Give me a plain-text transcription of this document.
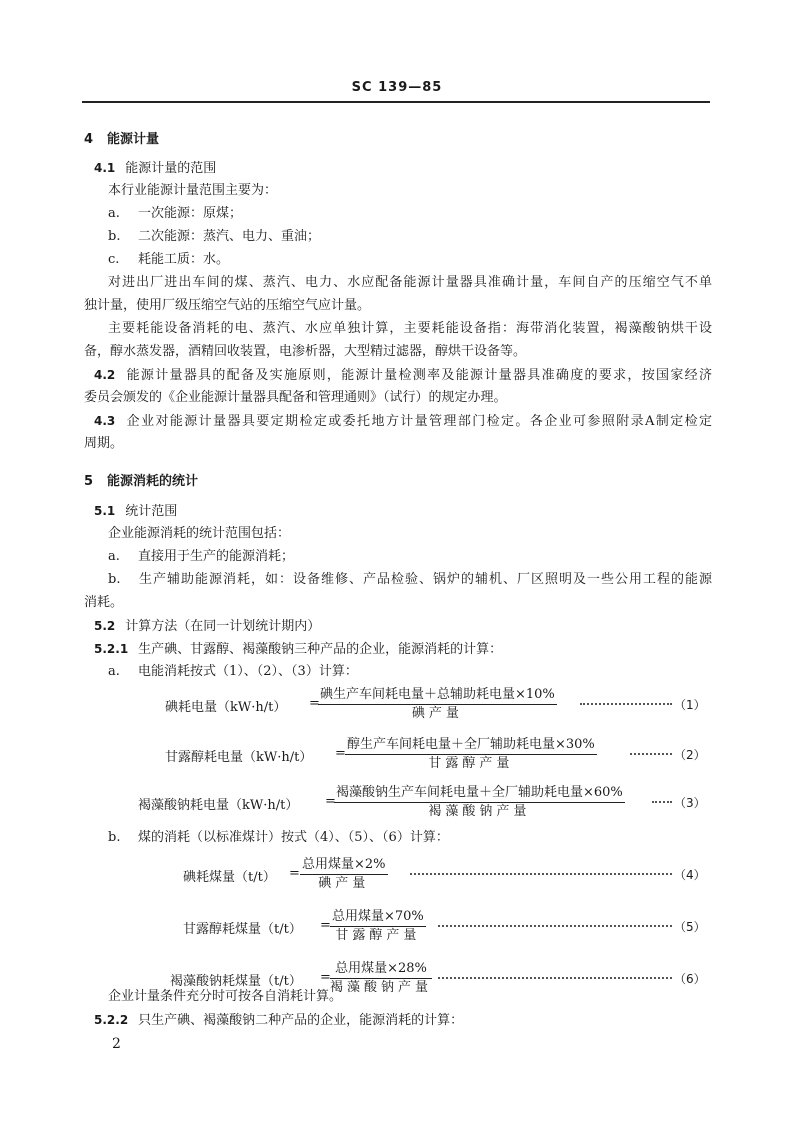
SC 139—85
4 能源计量
4.1 能源计量的范围
本行业能源计量范围主要为：
a. 一次能源：原煤；
b. 二次能源：蒸汽、电力、重油；
c. 耗能工质：水。
对进出厂进出车间的煤、蒸汽、电力、水应配备能源计量器具准确计量，车间自产的压缩空气不单
独计量，使用厂级压缩空气站的压缩空气应计量。
主要耗能设备消耗的电、蒸汽、水应单独计算，主要耗能设备指：海带消化装置，褐藻酸钠烘干设
备，醇水蒸发器，酒精回收装置，电渗析器，大型精过滤器，醇烘干设备等。
4.2 能源计量器具的配备及实施原则，能源计量检测率及能源计量器具准确度的要求，按国家经济
委员会颁发的《企业能源计量器具配备和管理通则》（试行）的规定办理。
4.3 企业对能源计量器具要定期检定或委托地方计量管理部门检定。各企业可参照附录A制定检定
周期。
5 能源消耗的统计
5.1 统计范围
企业能源消耗的统计范围包括：
a. 直接用于生产的能源消耗；
b. 生产辅助能源消耗，如：设备维修、产品检验、锅炉的辅机、厂区照明及一些公用工程的能源
消耗。
5.2 计算方法（在同一计划统计期内）
5.2.1 生产碘、甘露醇、褐藻酸钠三种产品的企业，能源消耗的计算：
a. 电能消耗按式（1）、（2）、（3）计算：
碘耗电量（kW·h/t） =
碘生产车间耗电量＋总辅助耗电量×10%
碘产量
（1）
甘露醇耗电量（kW·h/t） =
醇生产车间耗电量＋全厂辅助耗电量×30%
甘露醇产量
（2）
褐藻酸钠耗电量（kW·h/t） =
褐藻酸钠生产车间耗电量＋全厂辅助耗电量×60%
褐藻酸钠产量
（3）
b. 煤的消耗（以标准煤计）按式（4）、（5）、（6）计算：
碘耗煤量（t/t） =
总用煤量×2%
碘产量
（4）
甘露醇耗煤量（t/t） =
总用煤量×70%
甘露醇产量
（5）
褐藻酸钠耗煤量（t/t） =
总用煤量×28%
褐藻酸钠产量
（6）
企业计量条件充分时可按各自消耗计算。
5.2.2 只生产碘、褐藻酸钠二种产品的企业，能源消耗的计算：
2
